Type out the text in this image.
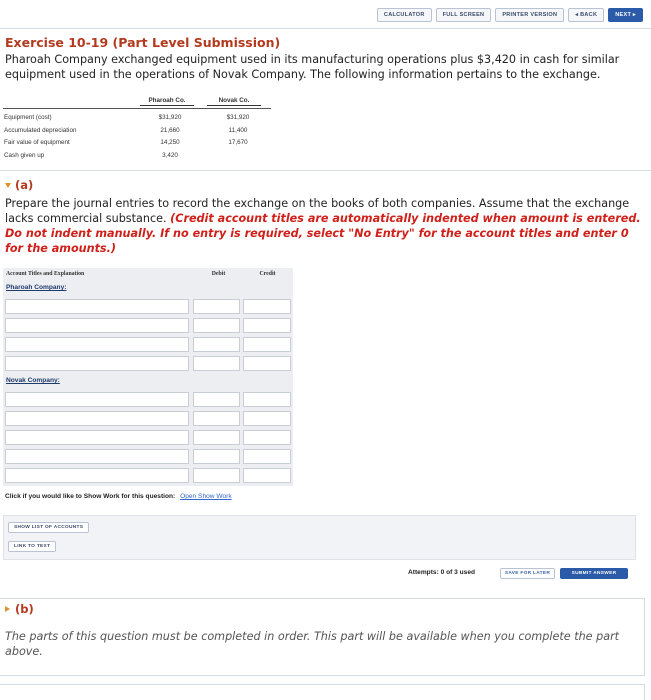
CALCULATOR	FULL SCREEN	PRINTER VERSION	◂ BACK	NEXT ▸
Exercise 10-19 (Part Level Submission)
Pharoah Company exchanged equipment used in its manufacturing operations plus $3,420 in cash for similar equipment used in the operations of Novak Company. The following information pertains to the exchange.
Pharoah Co.	Novak Co.
Equipment (cost)	$31,920	$31,920
Accumulated depreciation	21,660	11,400
Fair value of equipment	14,250	17,670
Cash given up	3,420
(a)
Prepare the journal entries to record the exchange on the books of both companies. Assume that the exchange lacks commercial substance. (Credit account titles are automatically indented when amount is entered. Do not indent manually. If no entry is required, select "No Entry" for the account titles and enter 0 for the amounts.)
Account Titles and Explanation	Debit	Credit
Pharoah Company:
Novak Company:
Click if you would like to Show Work for this question: Open Show Work
SHOW LIST OF ACCOUNTS
LINK TO TEXT
Attempts: 0 of 3 used	SAVE FOR LATER	SUBMIT ANSWER
(b)
The parts of this question must be completed in order. This part will be available when you complete the part above.
